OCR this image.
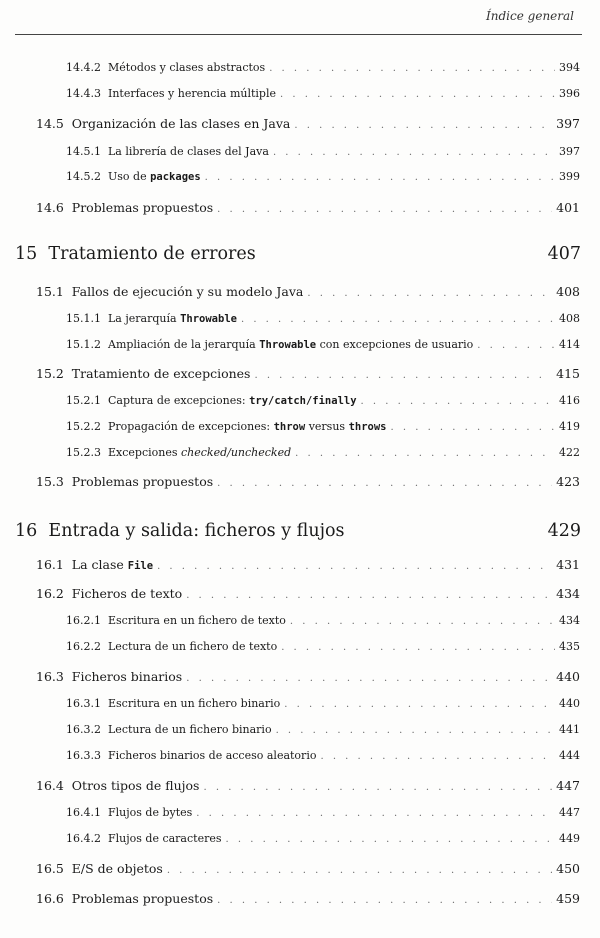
Índice general
14.4.2 Métodos y clases abstractos . . .	394
14.4.3 Interfaces y herencia múltiple . . .	396
14.5 Organización de las clases en Java . . .	397
14.5.1 La librería de clases del Java . . .	397
14.5.2 Uso de packages . . .	399
14.6 Problemas propuestos . . .	401
15 Tratamiento de errores	407
15.1 Fallos de ejecución y su modelo Java . . .	408
15.1.1 La jerarquía Throwable . . .	408
15.1.2 Ampliación de la jerarquía Throwable con excepciones de usuario . . .	414
15.2 Tratamiento de excepciones . . .	415
15.2.1 Captura de excepciones: try/catch/finally . . .	416
15.2.2 Propagación de excepciones: throw versus throws . . .	419
15.2.3 Excepciones checked/unchecked . . .	422
15.3 Problemas propuestos . . .	423
16 Entrada y salida: ficheros y flujos	429
16.1 La clase File . . .	431
16.2 Ficheros de texto . . .	434
16.2.1 Escritura en un fichero de texto . . .	434
16.2.2 Lectura de un fichero de texto . . .	435
16.3 Ficheros binarios . . .	440
16.3.1 Escritura en un fichero binario . . .	440
16.3.2 Lectura de un fichero binario . . .	441
16.3.3 Ficheros binarios de acceso aleatorio . . .	444
16.4 Otros tipos de flujos . . .	447
16.4.1 Flujos de bytes . . .	447
16.4.2 Flujos de caracteres . . .	449
16.5 E/S de objetos . . .	450
16.6 Problemas propuestos . . .	459
